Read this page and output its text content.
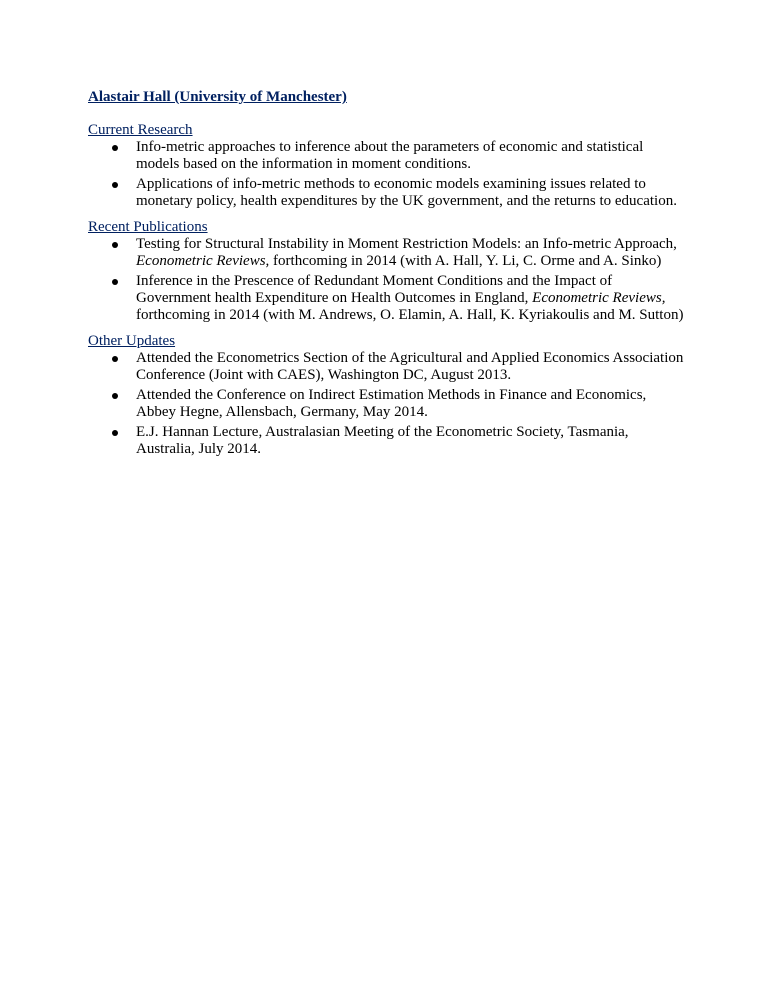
Alastair Hall (University of Manchester)
Current Research
Info-metric approaches to inference about the parameters of economic and statistical models based on the information in moment conditions.
Applications of info-metric methods to economic models examining issues related to monetary policy, health expenditures by the UK government, and the returns to education.
Recent Publications
Testing for Structural Instability in Moment Restriction Models: an Info-metric Approach, Econometric Reviews, forthcoming in 2014 (with A. Hall, Y. Li, C. Orme and A. Sinko)
Inference in the Prescence of Redundant Moment Conditions and the Impact of Government health Expenditure on Health Outcomes in England, Econometric Reviews, forthcoming in 2014 (with M. Andrews, O. Elamin, A. Hall, K. Kyriakoulis and M. Sutton)
Other Updates
Attended the Econometrics Section of the Agricultural and Applied Economics Association Conference (Joint with CAES), Washington DC, August 2013.
Attended the Conference on Indirect Estimation Methods in Finance and Economics, Abbey Hegne, Allensbach, Germany, May 2014.
E.J. Hannan Lecture, Australasian Meeting of the Econometric Society, Tasmania, Australia, July 2014.
